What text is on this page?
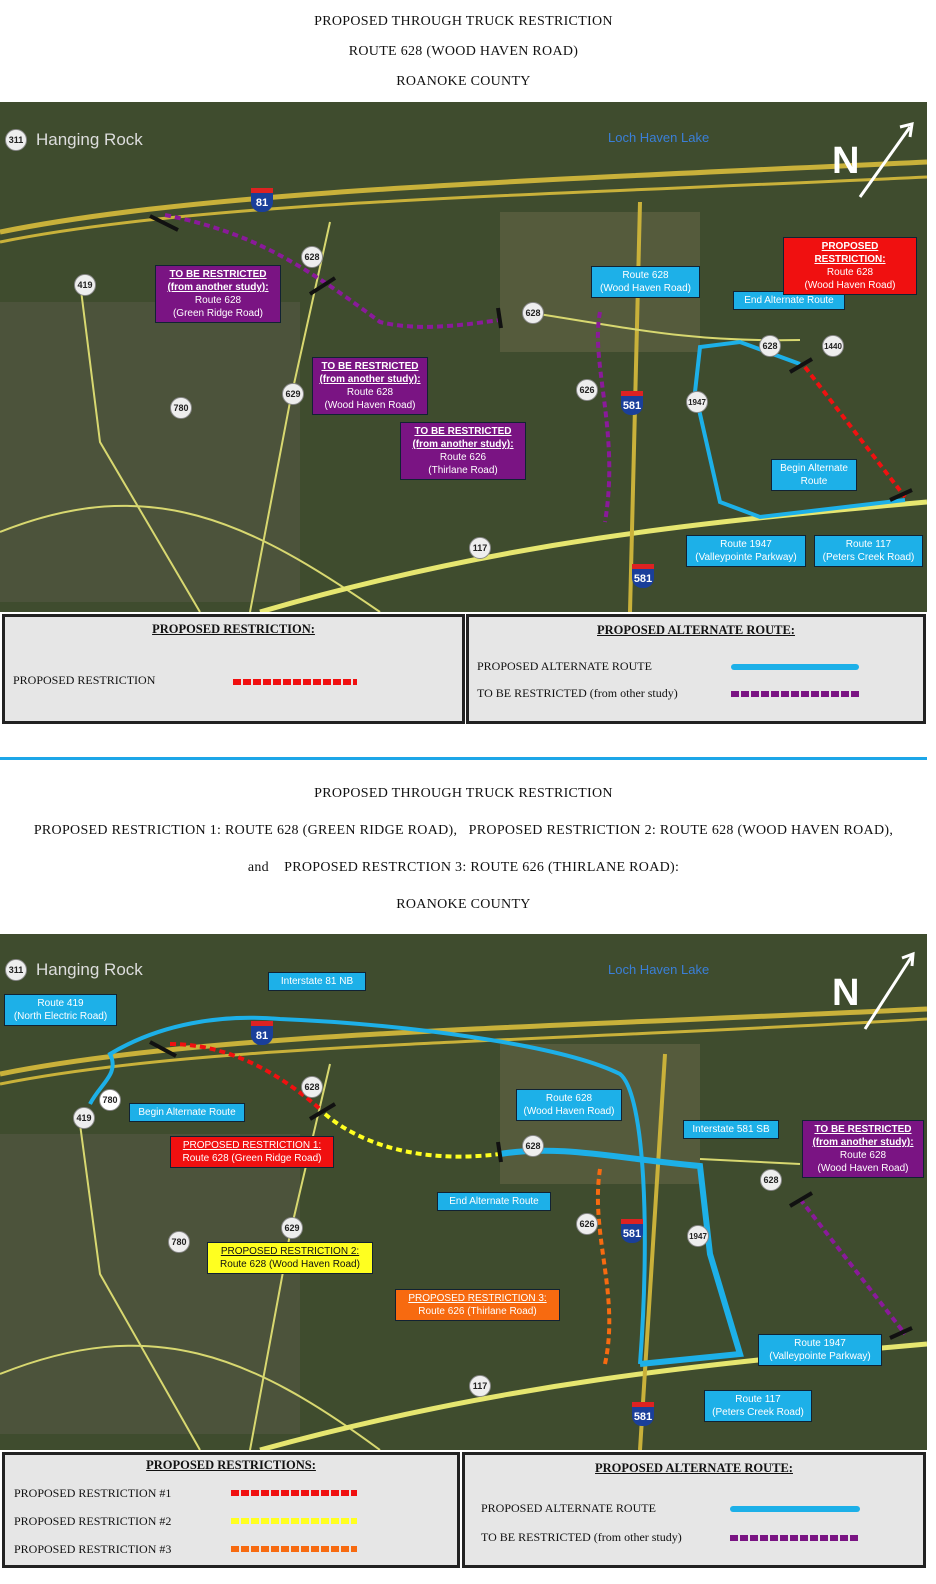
PROPOSED THROUGH TRUCK RESTRICTION
ROUTE 628 (WOOD HAVEN ROAD)
ROANOKE COUNTY
Hanging Rock	Loch Haven Lake
N
311
81
628
419
628
1440
628
629
780
626
581	1947
117
581
TO BE RESTRICTED
(from another study):
Route 628
(Green Ridge Road)
TO BE RESTRICTED
(from another study):
Route 628
(Wood Haven Road)
TO BE RESTRICTED
(from another study):
Route 626
(Thirlane Road)
Route 628
(Wood Haven Road)
End Alternate Route
PROPOSED RESTRICTION:
Route 628
(Wood Haven Road)
Begin Alternate
Route
Route 1947
(Valleypointe Parkway)
Route 117
(Peters Creek Road)
PROPOSED RESTRICTION:
PROPOSED RESTRICTION
PROPOSED ALTERNATE ROUTE:
PROPOSED ALTERNATE ROUTE
TO BE RESTRICTED (from other study)
PROPOSED THROUGH TRUCK RESTRICTION
PROPOSED RESTRICTION 1: ROUTE 628 (GREEN RIDGE ROAD),   PROPOSED RESTRICTION 2: ROUTE 628 (WOOD HAVEN ROAD),
and    PROPOSED RESTRCTION 3: ROUTE 626 (THIRLANE ROAD):
ROANOKE COUNTY
Hanging Rock	Loch Haven Lake
N
311
81
780
419
628
628
628
629
780
626
581	1947
117
581
Interstate 81 NB
Route 419
(North Electric Road)
Begin Alternate Route
PROPOSED RESTRICTION 1:
Route 628 (Green Ridge Road)
PROPOSED RESTRICTION 2:
Route 628 (Wood Haven Road)
Route 628
(Wood Haven Road)
Interstate 581 SB
End Alternate Route
PROPOSED RESTRICTION 3:
Route 626 (Thirlane Road)
TO BE RESTRICTED
(from another study):
Route 628
(Wood Haven Road)
Route 1947
(Valleypointe Parkway)
Route 117
(Peters Creek Road)
PROPOSED RESTRICTIONS:
PROPOSED RESTRICTION #1
PROPOSED RESTRICTION #2
PROPOSED RESTRICTION #3
PROPOSED ALTERNATE ROUTE:
PROPOSED ALTERNATE ROUTE
TO BE RESTRICTED (from other study)
